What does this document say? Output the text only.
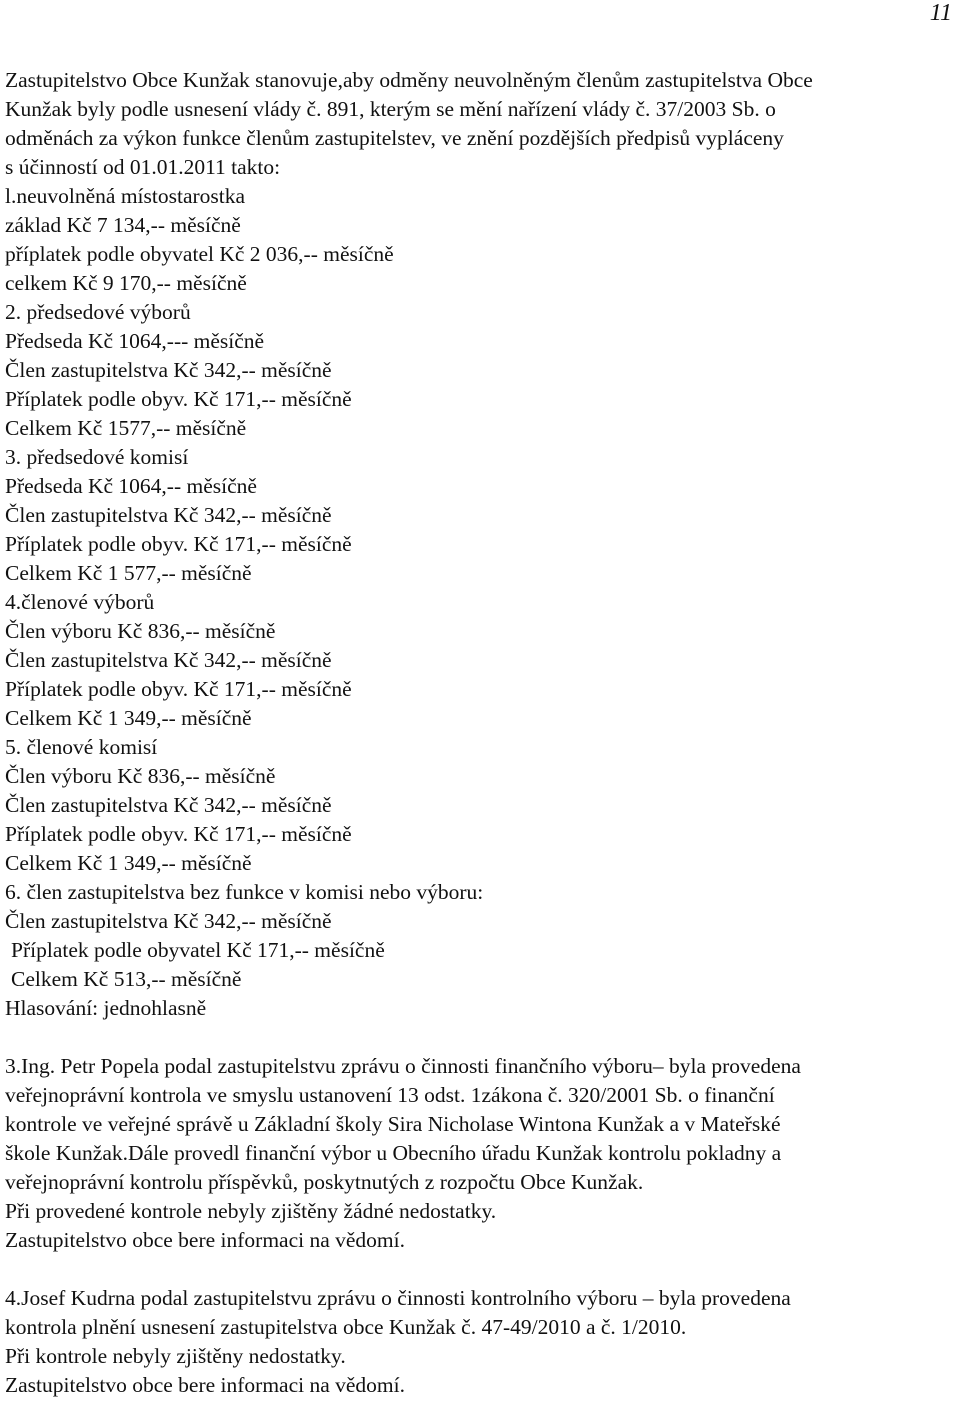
11
Zastupitelstvo Obce Kunžak stanovuje,aby odměny neuvolněným členům zastupitelstva Obce
Kunžak byly podle usnesení vlády č. 891, kterým se mění nařízení vlády č. 37/2003 Sb. o
odměnách za výkon funkce členům zastupitelstev, ve znění pozdějších předpisů vypláceny
s účinností od 01.01.2011 takto:
l.neuvolněná místostarostka
základ Kč 7 134,-- měsíčně
příplatek podle obyvatel Kč 2 036,-- měsíčně
celkem Kč 9 170,-- měsíčně
2. předsedové výborů
Předseda Kč 1064,--- měsíčně
Člen zastupitelstva Kč 342,-- měsíčně
Příplatek podle obyv. Kč 171,-- měsíčně
Celkem Kč 1577,-- měsíčně
3. předsedové komisí
Předseda Kč 1064,-- měsíčně
Člen zastupitelstva Kč 342,-- měsíčně
Příplatek podle obyv. Kč 171,-- měsíčně
Celkem Kč 1 577,-- měsíčně
4.členové výborů
Člen výboru Kč 836,-- měsíčně
Člen zastupitelstva Kč 342,-- měsíčně
Příplatek podle obyv. Kč 171,-- měsíčně
Celkem Kč 1 349,-- měsíčně
5. členové komisí
Člen výboru Kč 836,-- měsíčně
Člen zastupitelstva Kč 342,-- měsíčně
Příplatek podle obyv. Kč 171,-- měsíčně
Celkem Kč 1 349,-- měsíčně
6. člen zastupitelstva bez funkce v komisi nebo výboru:
Člen zastupitelstva Kč 342,-- měsíčně
Příplatek podle obyvatel Kč 171,-- měsíčně
Celkem Kč 513,-- měsíčně
Hlasování: jednohlasně
3.Ing. Petr Popela podal zastupitelstvu zprávu o činnosti finančního výboru– byla provedena
veřejnoprávní kontrola ve smyslu ustanovení 13 odst. 1zákona č. 320/2001 Sb. o finanční
kontrole ve veřejné správě u Základní školy Sira Nicholase Wintona Kunžak a v Mateřské
škole Kunžak.Dále provedl finanční výbor u Obecního úřadu Kunžak kontrolu pokladny a
veřejnoprávní kontrolu příspěvků, poskytnutých z rozpočtu Obce Kunžak.
Při provedené kontrole nebyly zjištěny žádné nedostatky.
Zastupitelstvo obce bere informaci na vědomí.
4.Josef Kudrna podal zastupitelstvu zprávu o činnosti kontrolního výboru – byla provedena
kontrola plnění usnesení zastupitelstva obce Kunžak č. 47-49/2010 a č. 1/2010.
Při kontrole nebyly zjištěny nedostatky.
Zastupitelstvo obce bere informaci na vědomí.
